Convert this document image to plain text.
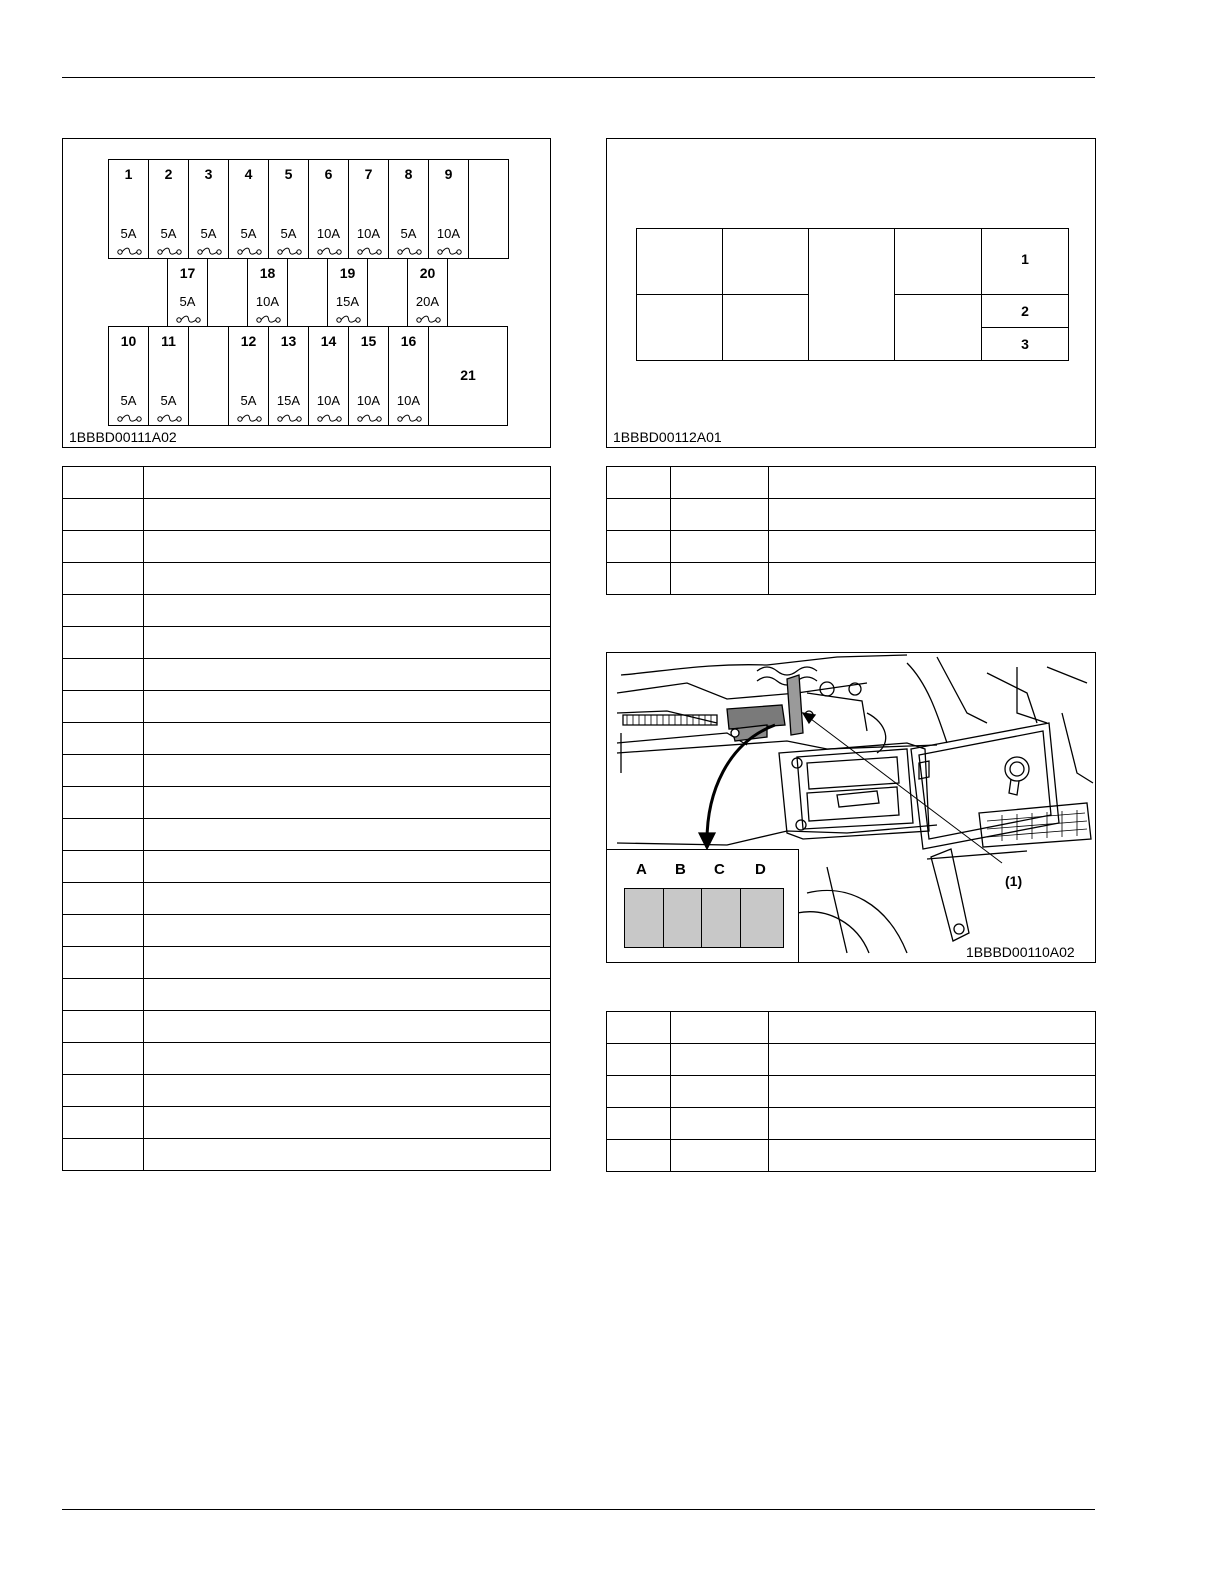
1
5A
2
5A
3
5A
4
5A
5
5A
6
10A
7
10A
8
5A
9
10A
17
5A
18
10A
19
15A
20
20A
10
5A
11
5A
12
5A
13
15A
14
10A
15
10A
16
10A
21
1BBBD00111A02

1
2
3
1BBBD00112A01

A B C D
(1)
1BBBD00110A02
